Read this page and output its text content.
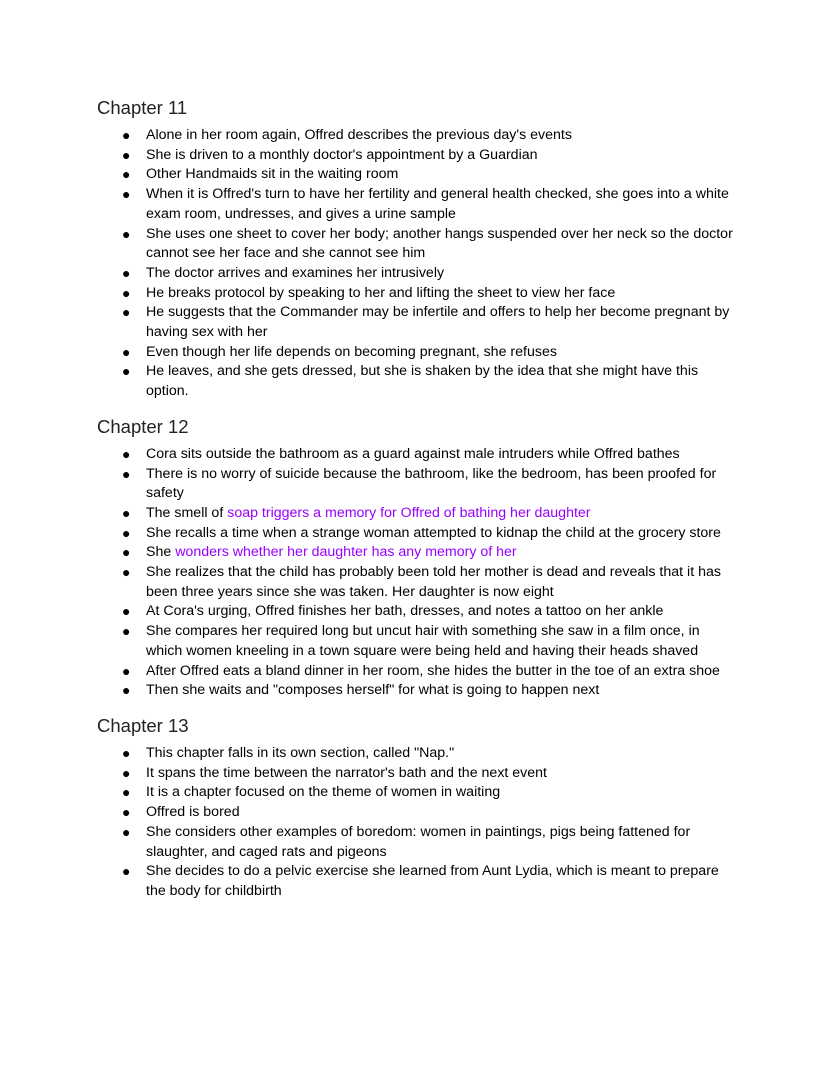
Chapter 11
● Alone in her room again, Offred describes the previous day's events
● She is driven to a monthly doctor's appointment by a Guardian
● Other Handmaids sit in the waiting room
● When it is Offred's turn to have her fertility and general health checked, she goes into a white exam room, undresses, and gives a urine sample
● She uses one sheet to cover her body; another hangs suspended over her neck so the doctor cannot see her face and she cannot see him
● The doctor arrives and examines her intrusively
● He breaks protocol by speaking to her and lifting the sheet to view her face
● He suggests that the Commander may be infertile and offers to help her become pregnant by having sex with her
● Even though her life depends on becoming pregnant, she refuses
● He leaves, and she gets dressed, but she is shaken by the idea that she might have this option.
Chapter 12
● Cora sits outside the bathroom as a guard against male intruders while Offred bathes
● There is no worry of suicide because the bathroom, like the bedroom, has been proofed for safety
● The smell of soap triggers a memory for Offred of bathing her daughter
● She recalls a time when a strange woman attempted to kidnap the child at the grocery store
● She wonders whether her daughter has any memory of her
● She realizes that the child has probably been told her mother is dead and reveals that it has been three years since she was taken. Her daughter is now eight
● At Cora's urging, Offred finishes her bath, dresses, and notes a tattoo on her ankle
● She compares her required long but uncut hair with something she saw in a film once, in which women kneeling in a town square were being held and having their heads shaved
● After Offred eats a bland dinner in her room, she hides the butter in the toe of an extra shoe
● Then she waits and "composes herself" for what is going to happen next
Chapter 13
● This chapter falls in its own section, called "Nap."
● It spans the time between the narrator's bath and the next event
● It is a chapter focused on the theme of women in waiting
● Offred is bored
● She considers other examples of boredom: women in paintings, pigs being fattened for slaughter, and caged rats and pigeons
● She decides to do a pelvic exercise she learned from Aunt Lydia, which is meant to prepare the body for childbirth
